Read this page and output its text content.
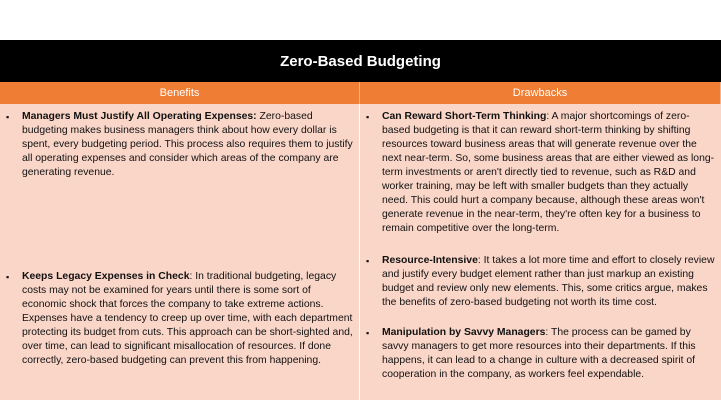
Zero-Based Budgeting
Benefits	Drawbacks
▪ Managers Must Justify All Operating Expenses: Zero-based budgeting makes business managers think about how every dollar is spent, every budgeting period. This process also requires them to justify all operating expenses and consider which areas of the company are generating revenue.
▪ Keeps Legacy Expenses in Check: In traditional budgeting, legacy costs may not be examined for years until there is some sort of economic shock that forces the company to take extreme actions. Expenses have a tendency to creep up over time, with each department protecting its budget from cuts. This approach can be short-sighted and, over time, can lead to significant misallocation of resources. If done correctly, zero-based budgeting can prevent this from happening.
▪ Can Reward Short-Term Thinking: A major shortcomings of zero-based budgeting is that it can reward short-term thinking by shifting resources toward business areas that will generate revenue over the next near-term. So, some business areas that are either viewed as long-term investments or aren't directly tied to revenue, such as R&D and worker training, may be left with smaller budgets than they actually need. This could hurt a company because, although these areas won't generate revenue in the near-term, they're often key for a business to remain competitive over the long-term.
▪ Resource-Intensive: It takes a lot more time and effort to closely review and justify every budget element rather than just markup an existing budget and review only new elements. This, some critics argue, makes the benefits of zero-based budgeting not worth its time cost.
▪ Manipulation by Savvy Managers: The process can be gamed by savvy managers to get more resources into their departments. If this happens, it can lead to a change in culture with a decreased spirit of cooperation in the company, as workers feel expendable.
